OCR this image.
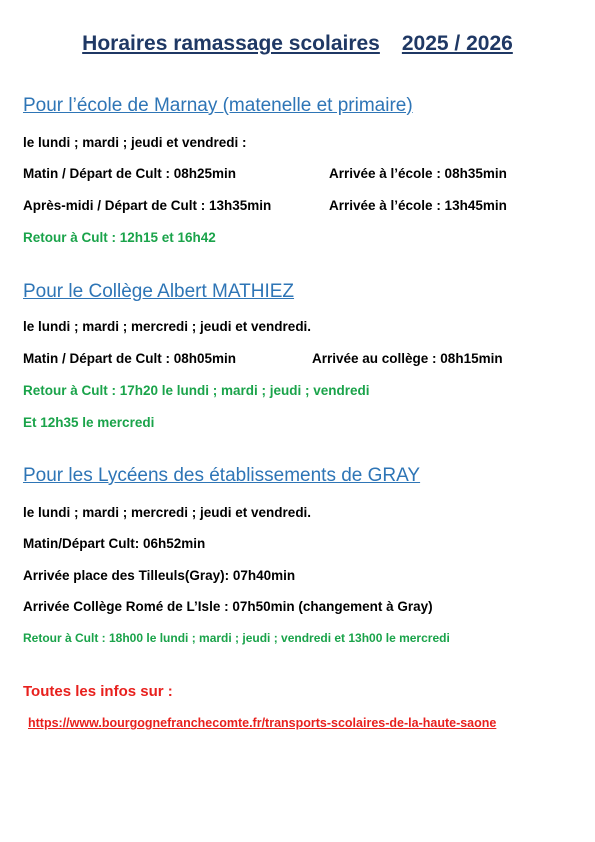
Horaires ramassage scolaires 2025 / 2026
Pour l’école de Marnay (matenelle et primaire)
le lundi ; mardi ; jeudi et vendredi :
Matin / Départ de Cult : 08h25min	Arrivée à l’école : 08h35min
Après-midi / Départ de Cult : 13h35min	Arrivée à l’école : 13h45min
Retour à Cult : 12h15 et 16h42
Pour le Collège Albert MATHIEZ
le lundi ; mardi ; mercredi ; jeudi et vendredi.
Matin / Départ de Cult : 08h05min	Arrivée au collège : 08h15min
Retour à Cult : 17h20 le lundi ; mardi ; jeudi ; vendredi
Et 12h35 le mercredi
Pour les Lycéens des établissements de GRAY
le lundi ; mardi ; mercredi ; jeudi et vendredi.
Matin/Départ Cult: 06h52min
Arrivée place des Tilleuls(Gray): 07h40min
Arrivée Collège Romé de L’Isle : 07h50min (changement à Gray)
Retour à Cult : 18h00 le lundi ; mardi ; jeudi ; vendredi et 13h00 le mercredi
Toutes les infos sur :
https://www.bourgognefranchecomte.fr/transports-scolaires-de-la-haute-saone
